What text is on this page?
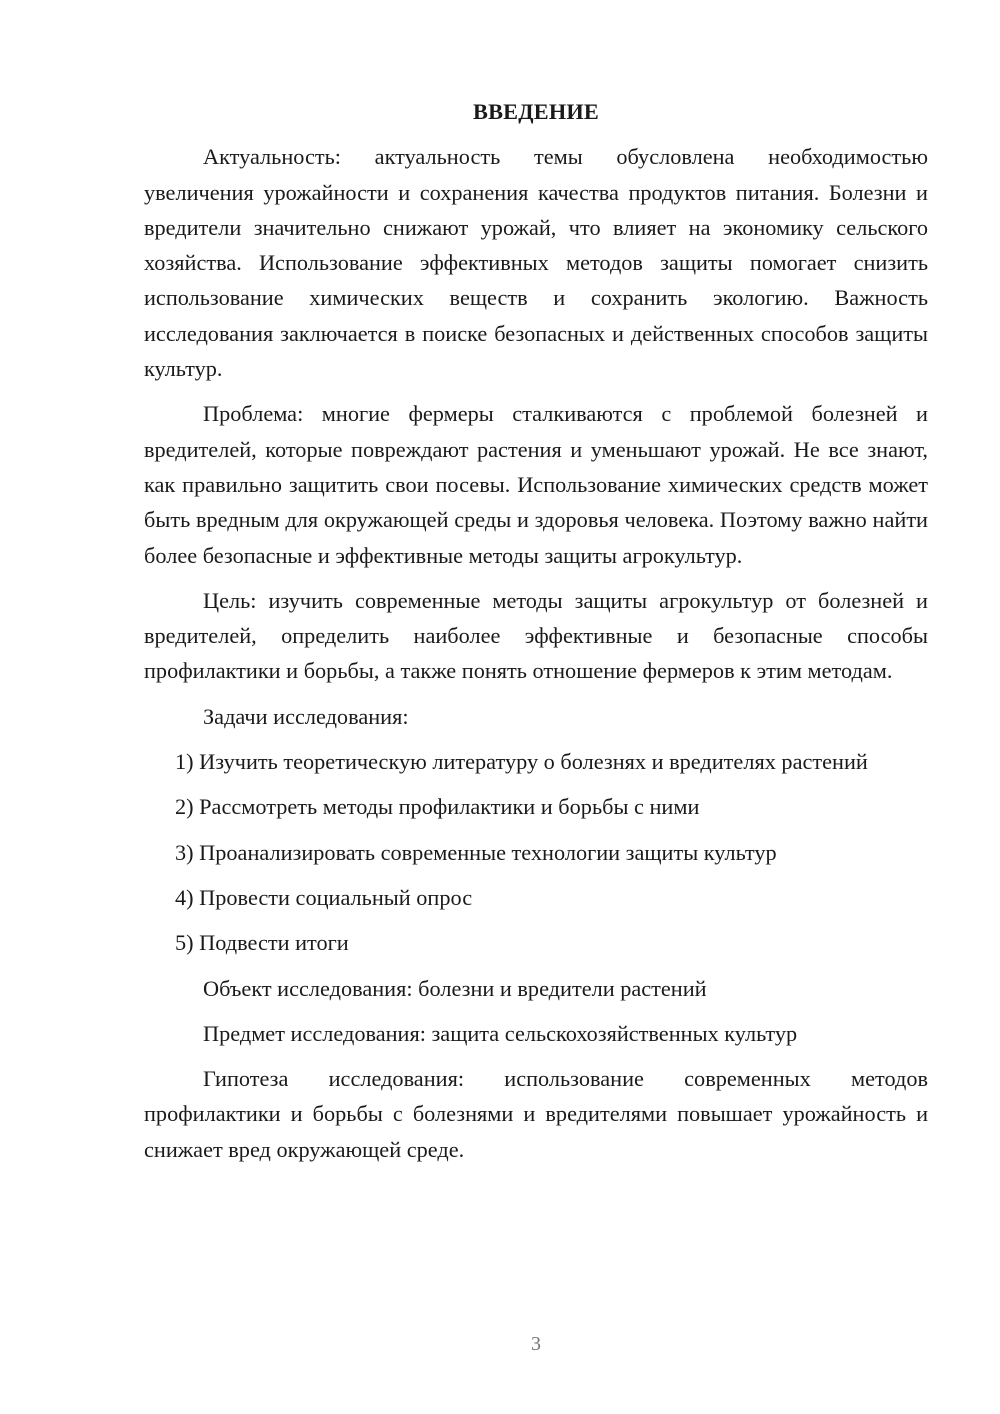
ВВЕДЕНИЕ

Актуальность: актуальность темы обусловлена необходимостью увеличения урожайности и сохранения качества продуктов питания. Болезни и вредители значительно снижают урожай, что влияет на экономику сельского хозяйства. Использование эффективных методов защиты помогает снизить использование химических веществ и сохранить экологию. Важность исследования заключается в поиске безопасных и действенных способов защиты культур.

Проблема: многие фермеры сталкиваются с проблемой болезней и вредителей, которые повреждают растения и уменьшают урожай. Не все знают, как правильно защитить свои посевы. Использование химических средств может быть вредным для окружающей среды и здоровья человека. Поэтому важно найти более безопасные и эффективные методы защиты агрокультур.

Цель: изучить современные методы защиты агрокультур от болезней и вредителей, определить наиболее эффективные и безопасные способы профилактики и борьбы, а также понять отношение фермеров к этим методам.

Задачи исследования:

1) Изучить теоретическую литературу о болезнях и вредителях растений

2) Рассмотреть методы профилактики и борьбы с ними

3) Проанализировать современные технологии защиты культур

4) Провести социальный опрос

5) Подвести итоги

Объект исследования: болезни и вредители растений

Предмет исследования: защита сельскохозяйственных культур

Гипотеза исследования: использование современных методов профилактики и борьбы с болезнями и вредителями повышает урожайность и снижает вред окружающей среде.

3
